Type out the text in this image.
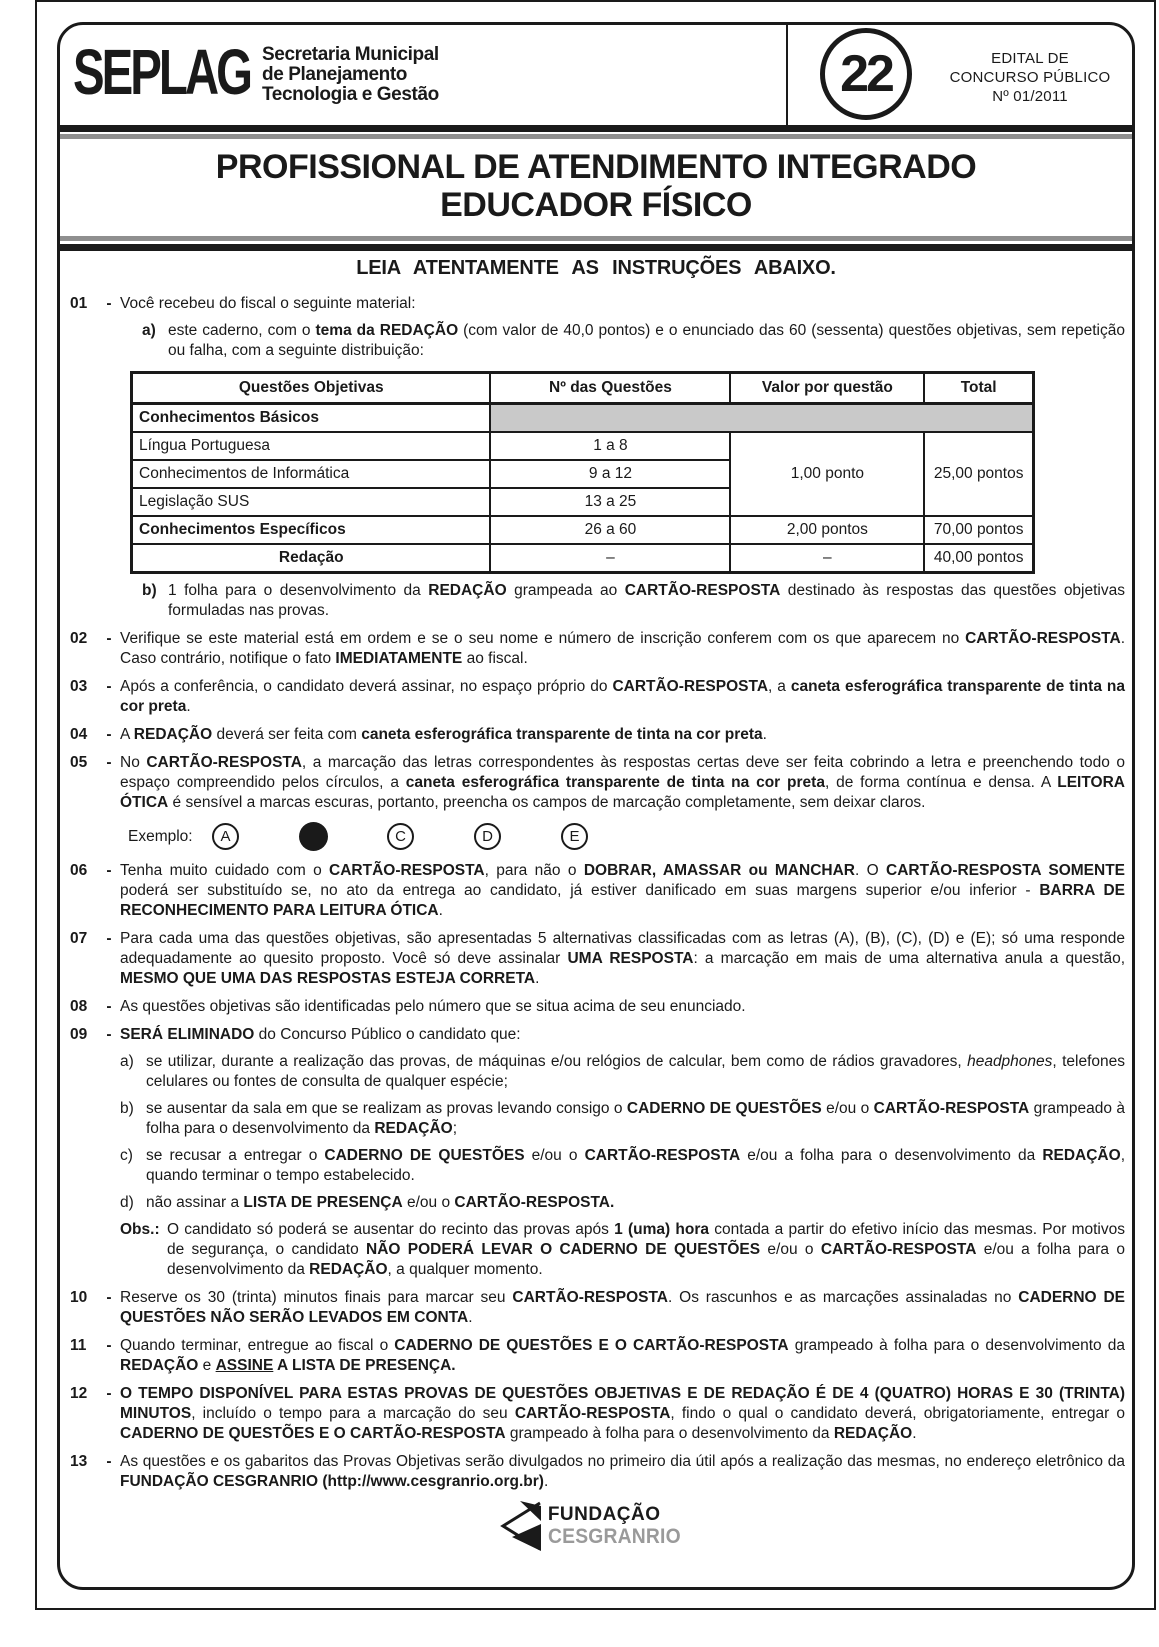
SEPLAG Secretaria Municipal
de Planejamento
Tecnologia e Gestão	22	EDITAL DE
CONCURSO PÚBLICO
Nº 01/2011
PROFISSIONAL DE ATENDIMENTO INTEGRADO
EDUCADOR FÍSICO
LEIA ATENTAMENTE AS INSTRUÇÕES ABAIXO.
01	- Você recebeu do fiscal o seguinte material:
a) este caderno, com o tema da REDAÇÃO (com valor de 40,0 pontos) e o enunciado das 60 (sessenta) questões objetivas, sem repetição ou falha, com a seguinte distribuição:
Questões Objetivas	Nº das Questões	Valor por questão	Total
Conhecimentos Básicos			
Língua Portuguesa	1 a 8	1,00 ponto	25,00 pontos
Conhecimentos de Informática	9 a 12		
Legislação SUS	13 a 25		
Conhecimentos Específicos	26 a 60	2,00 pontos	70,00 pontos
Redação	–	–	40,00 pontos
b) 1 folha para o desenvolvimento da REDAÇÃO grampeada ao CARTÃO-RESPOSTA destinado às respostas das questões objetivas formuladas nas provas.
02	- Verifique se este material está em ordem e se o seu nome e número de inscrição conferem com os que aparecem no CARTÃO-RESPOSTA. Caso contrário, notifique o fato IMEDIATAMENTE ao fiscal.
03	- Após a conferência, o candidato deverá assinar, no espaço próprio do CARTÃO-RESPOSTA, a caneta esferográfica transparente de tinta na cor preta.
04	- A REDAÇÃO deverá ser feita com caneta esferográfica transparente de tinta na cor preta.
05	- No CARTÃO-RESPOSTA, a marcação das letras correspondentes às respostas certas deve ser feita cobrindo a letra e preenchendo todo o espaço compreendido pelos círculos, a caneta esferográfica transparente de tinta na cor preta, de forma contínua e densa. A LEITORA ÓTICA é sensível a marcas escuras, portanto, preencha os campos de marcação completamente, sem deixar claros.
Exemplo:	A	C	D	E
06	- Tenha muito cuidado com o CARTÃO-RESPOSTA, para não o DOBRAR, AMASSAR ou MANCHAR. O CARTÃO-RESPOSTA SOMENTE poderá ser substituído se, no ato da entrega ao candidato, já estiver danificado em suas margens superior e/ou inferior - BARRA DE RECONHECIMENTO PARA LEITURA ÓTICA.
07	- Para cada uma das questões objetivas, são apresentadas 5 alternativas classificadas com as letras (A), (B), (C), (D) e (E); só uma responde adequadamente ao quesito proposto. Você só deve assinalar UMA RESPOSTA: a marcação em mais de uma alternativa anula a questão, MESMO QUE UMA DAS RESPOSTAS ESTEJA CORRETA.
08	- As questões objetivas são identificadas pelo número que se situa acima de seu enunciado.
09	- SERÁ ELIMINADO do Concurso Público o candidato que:
a) se utilizar, durante a realização das provas, de máquinas e/ou relógios de calcular, bem como de rádios gravadores, headphones, telefones celulares ou fontes de consulta de qualquer espécie;
b) se ausentar da sala em que se realizam as provas levando consigo o CADERNO DE QUESTÕES e/ou o CARTÃO-RESPOSTA grampeado à folha para o desenvolvimento da REDAÇÃO;
c) se recusar a entregar o CADERNO DE QUESTÕES e/ou o CARTÃO-RESPOSTA e/ou a folha para o desenvolvimento da REDAÇÃO, quando terminar o tempo estabelecido.
d) não assinar a LISTA DE PRESENÇA e/ou o CARTÃO-RESPOSTA.
Obs.: O candidato só poderá se ausentar do recinto das provas após 1 (uma) hora contada a partir do efetivo início das mesmas. Por motivos de segurança, o candidato NÃO PODERÁ LEVAR O CADERNO DE QUESTÕES e/ou o CARTÃO-RESPOSTA e/ou a folha para o desenvolvimento da REDAÇÃO, a qualquer momento.
10	- Reserve os 30 (trinta) minutos finais para marcar seu CARTÃO-RESPOSTA. Os rascunhos e as marcações assinaladas no CADERNO DE QUESTÕES NÃO SERÃO LEVADOS EM CONTA.
11	- Quando terminar, entregue ao fiscal o CADERNO DE QUESTÕES E O CARTÃO-RESPOSTA grampeado à folha para o desenvolvimento da REDAÇÃO e ASSINE A LISTA DE PRESENÇA.
12	- O TEMPO DISPONÍVEL PARA ESTAS PROVAS DE QUESTÕES OBJETIVAS E DE REDAÇÃO É DE 4 (QUATRO) HORAS E 30 (TRINTA) MINUTOS, incluído o tempo para a marcação do seu CARTÃO-RESPOSTA, findo o qual o candidato deverá, obrigatoriamente, entregar o CADERNO DE QUESTÕES E O CARTÃO-RESPOSTA grampeado à folha para o desenvolvimento da REDAÇÃO.
13	- As questões e os gabaritos das Provas Objetivas serão divulgados no primeiro dia útil após a realização das mesmas, no endereço eletrônico da FUNDAÇÃO CESGRANRIO (http://www.cesgranrio.org.br).
FUNDAÇÃO
CESGRANRIO
